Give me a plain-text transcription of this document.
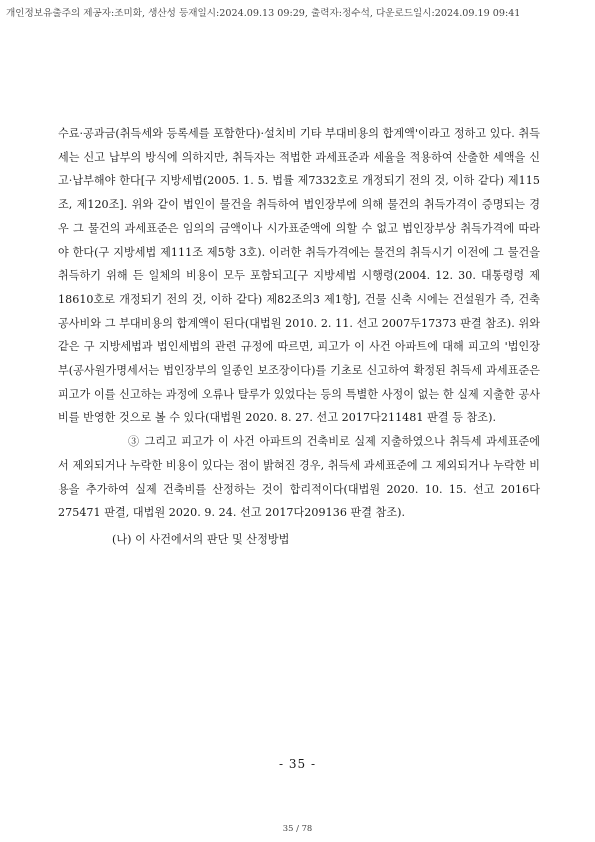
개인정보유출주의 제공자:조미화, 생산성 등재일시:2024.09.13 09:29, 출력자:정수석, 다운로드일시:2024.09.19 09:41

수료·공과금(취득세와 등록세를 포함한다)·설치비 기타 부대비용의 합계액'이라고 정하고 있다. 취득세는 신고 납부의 방식에 의하지만, 취득자는 적법한 과세표준과 세율을 적용하여 산출한 세액을 신고·납부해야 한다[구 지방세법(2005. 1. 5. 법률 제7332호로 개정되기 전의 것, 이하 같다) 제115조, 제120조]. 위와 같이 법인이 물건을 취득하여 법인장부에 의해 물건의 취득가격이 증명되는 경우 그 물건의 과세표준은 임의의 금액이나 시가표준액에 의할 수 없고 법인장부상 취득가격에 따라야 한다(구 지방세법 제111조 제5항 3호). 이러한 취득가격에는 물건의 취득시기 이전에 그 물건을 취득하기 위해 든 일체의 비용이 모두 포함되고[구 지방세법 시행령(2004. 12. 30. 대통령령 제18610호로 개정되기 전의 것, 이하 같다) 제82조의3 제1항], 건물 신축 시에는 건설원가 즉, 건축공사비와 그 부대비용의 합계액이 된다(대법원 2010. 2. 11. 선고 2007두17373 판결 참조). 위와 같은 구 지방세법과 법인세법의 관련 규정에 따르면, 피고가 이 사건 아파트에 대해 피고의 '법인장부(공사원가명세서는 법인장부의 일종인 보조장이다)를 기초로 신고하여 확정된 취득세 과세표준은 피고가 이를 신고하는 과정에 오류나 탈루가 있었다는 등의 특별한 사정이 없는 한 실제 지출한 공사비를 반영한 것으로 볼 수 있다(대법원 2020. 8. 27. 선고 2017다211481 판결 등 참조).

③ 그리고 피고가 이 사건 아파트의 건축비로 실제 지출하였으나 취득세 과세표준에서 제외되거나 누락한 비용이 있다는 점이 밝혀진 경우, 취득세 과세표준에 그 제외되거나 누락한 비용을 추가하여 실제 건축비를 산정하는 것이 합리적이다(대법원 2020. 10. 15. 선고 2016다275471 판결, 대법원 2020. 9. 24. 선고 2017다209136 판결 참조).

(나) 이 사건에서의 판단 및 산정방법

- 35 -
35 / 78
